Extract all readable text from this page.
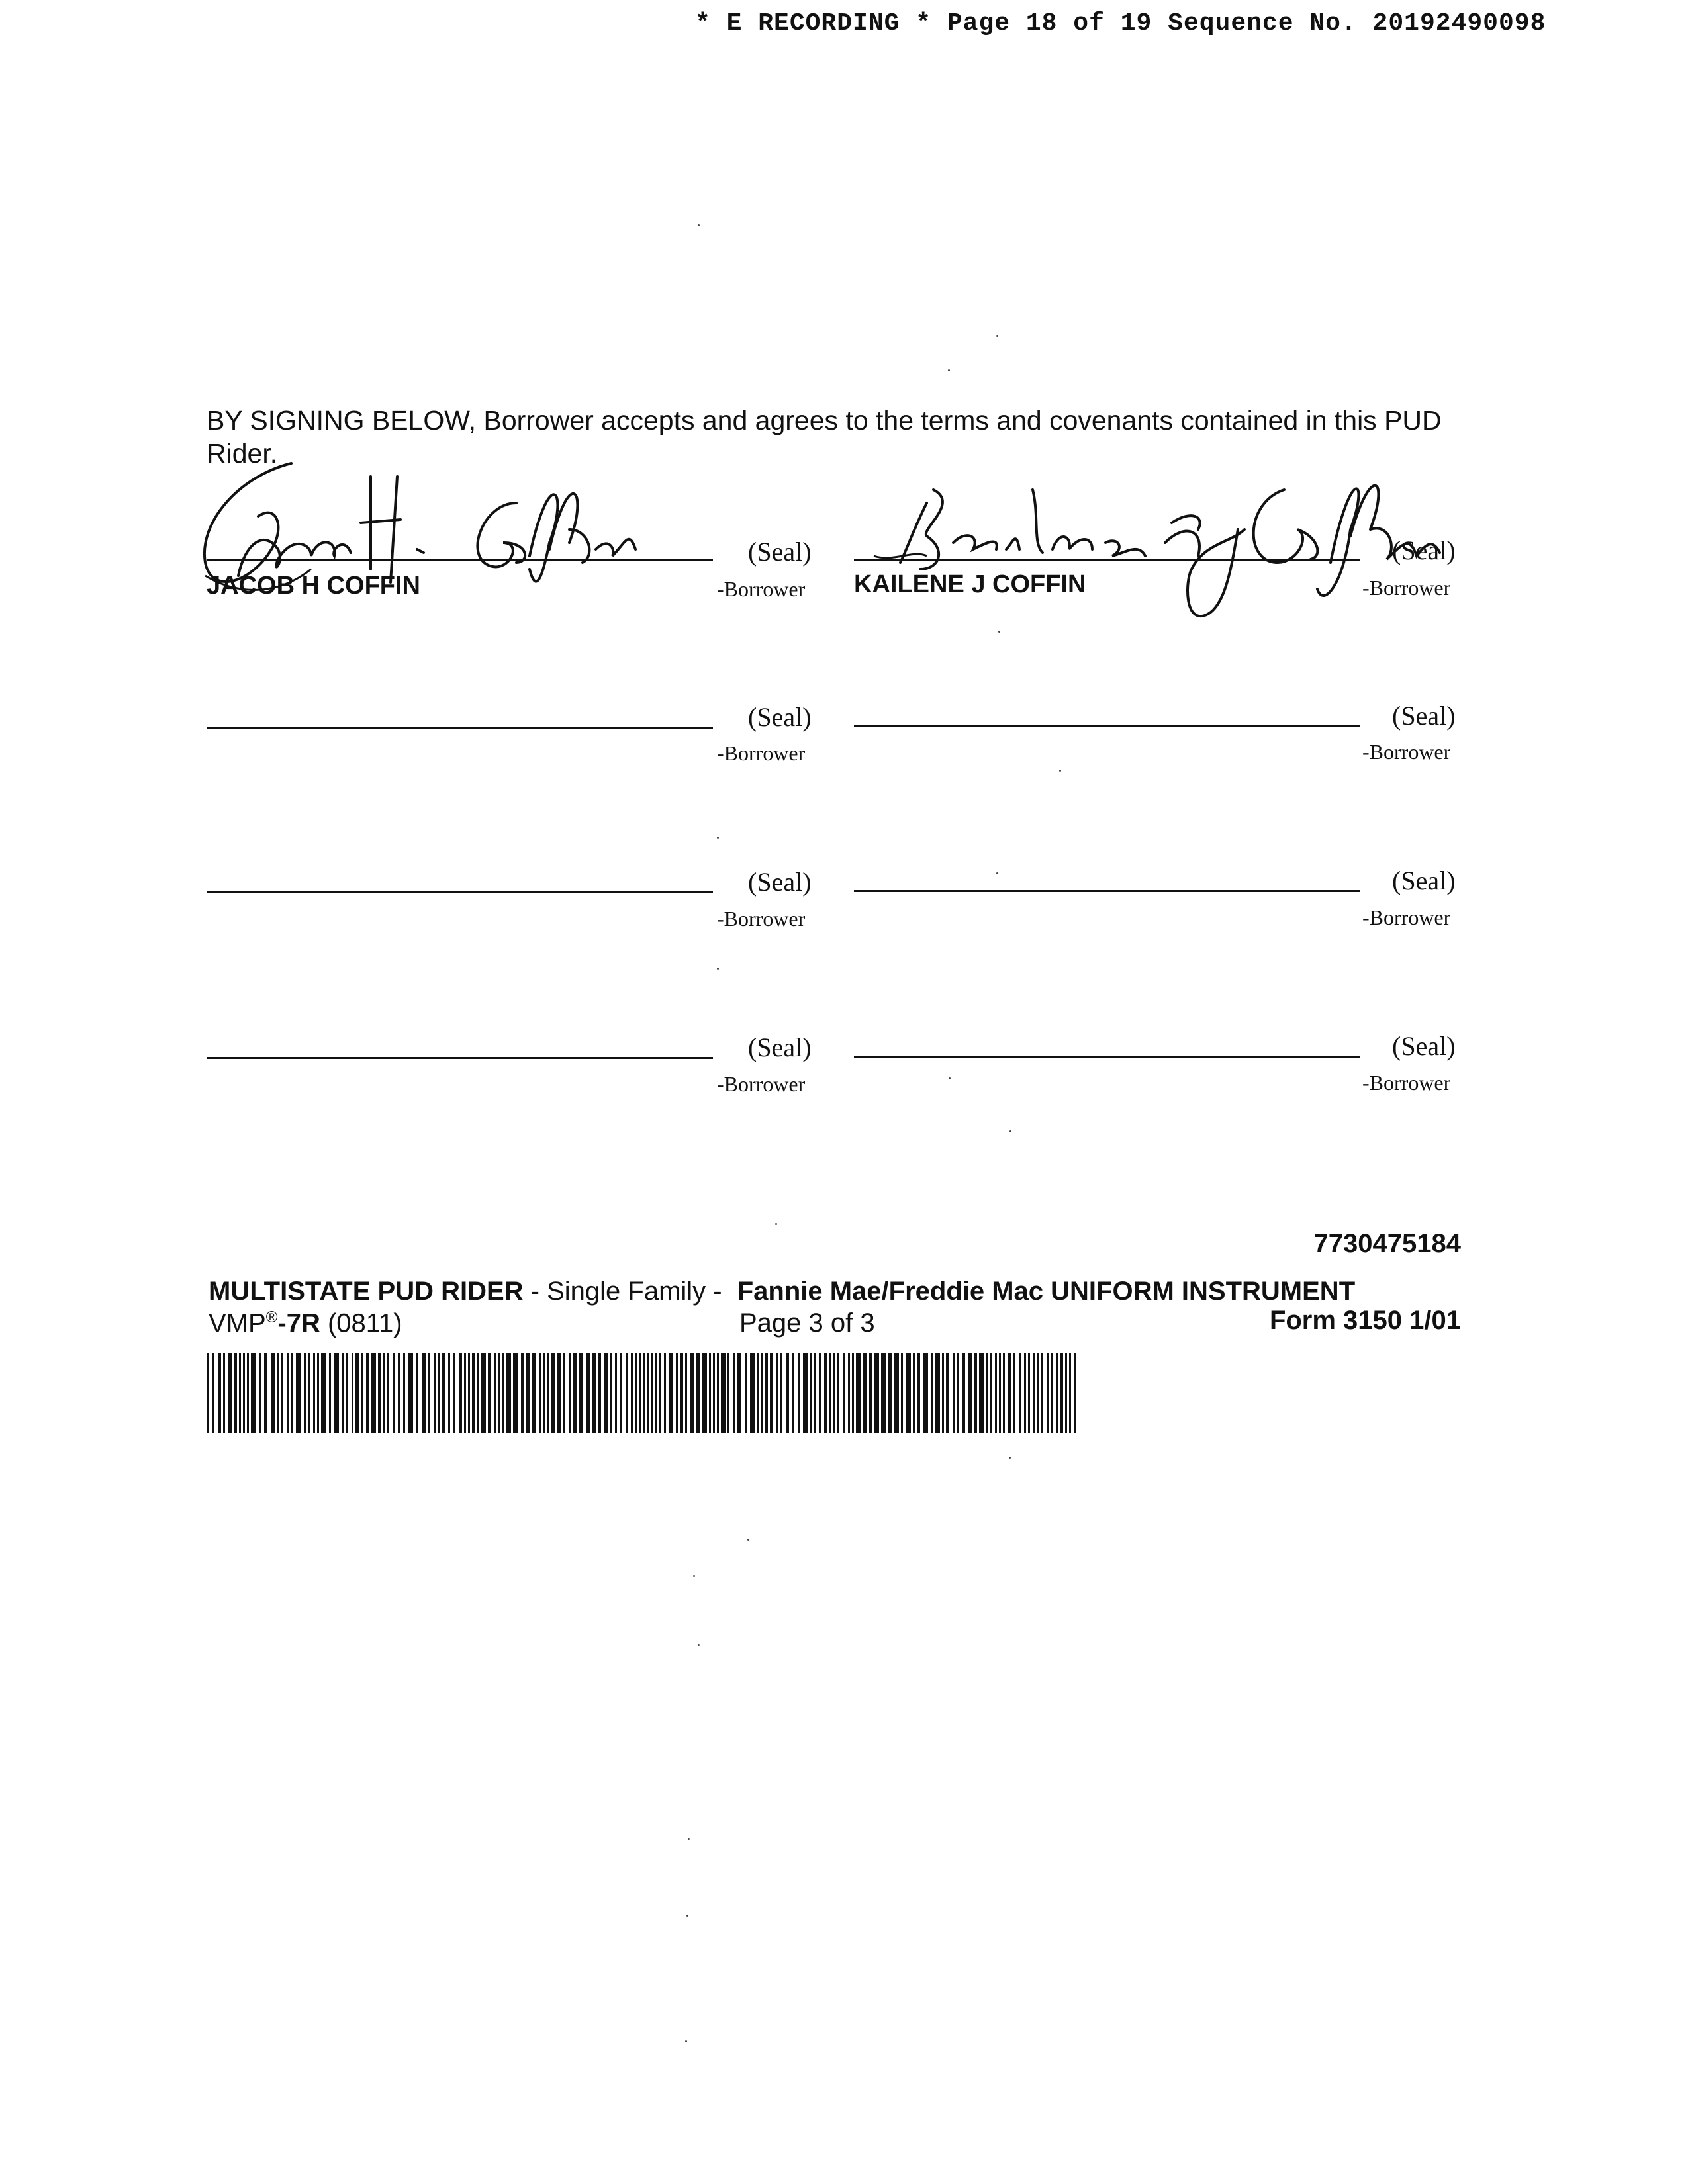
* E RECORDING * Page 18 of 19 Sequence No. 20192490098
BY SIGNING BELOW, Borrower accepts and agrees to the terms and covenants contained in this PUD Rider.
(Seal)
JACOB H COFFIN	-Borrower
(Seal)
KAILENE J COFFIN	-Borrower
(Seal)
-Borrower
(Seal)
-Borrower
(Seal)
-Borrower
(Seal)
-Borrower
(Seal)
-Borrower
(Seal)
-Borrower
7730475184
MULTISTATE PUD RIDER - Single Family - Fannie Mae/Freddie Mac UNIFORM INSTRUMENT
VMP®-7R (0811)	Page 3 of 3	Form 3150 1/01
